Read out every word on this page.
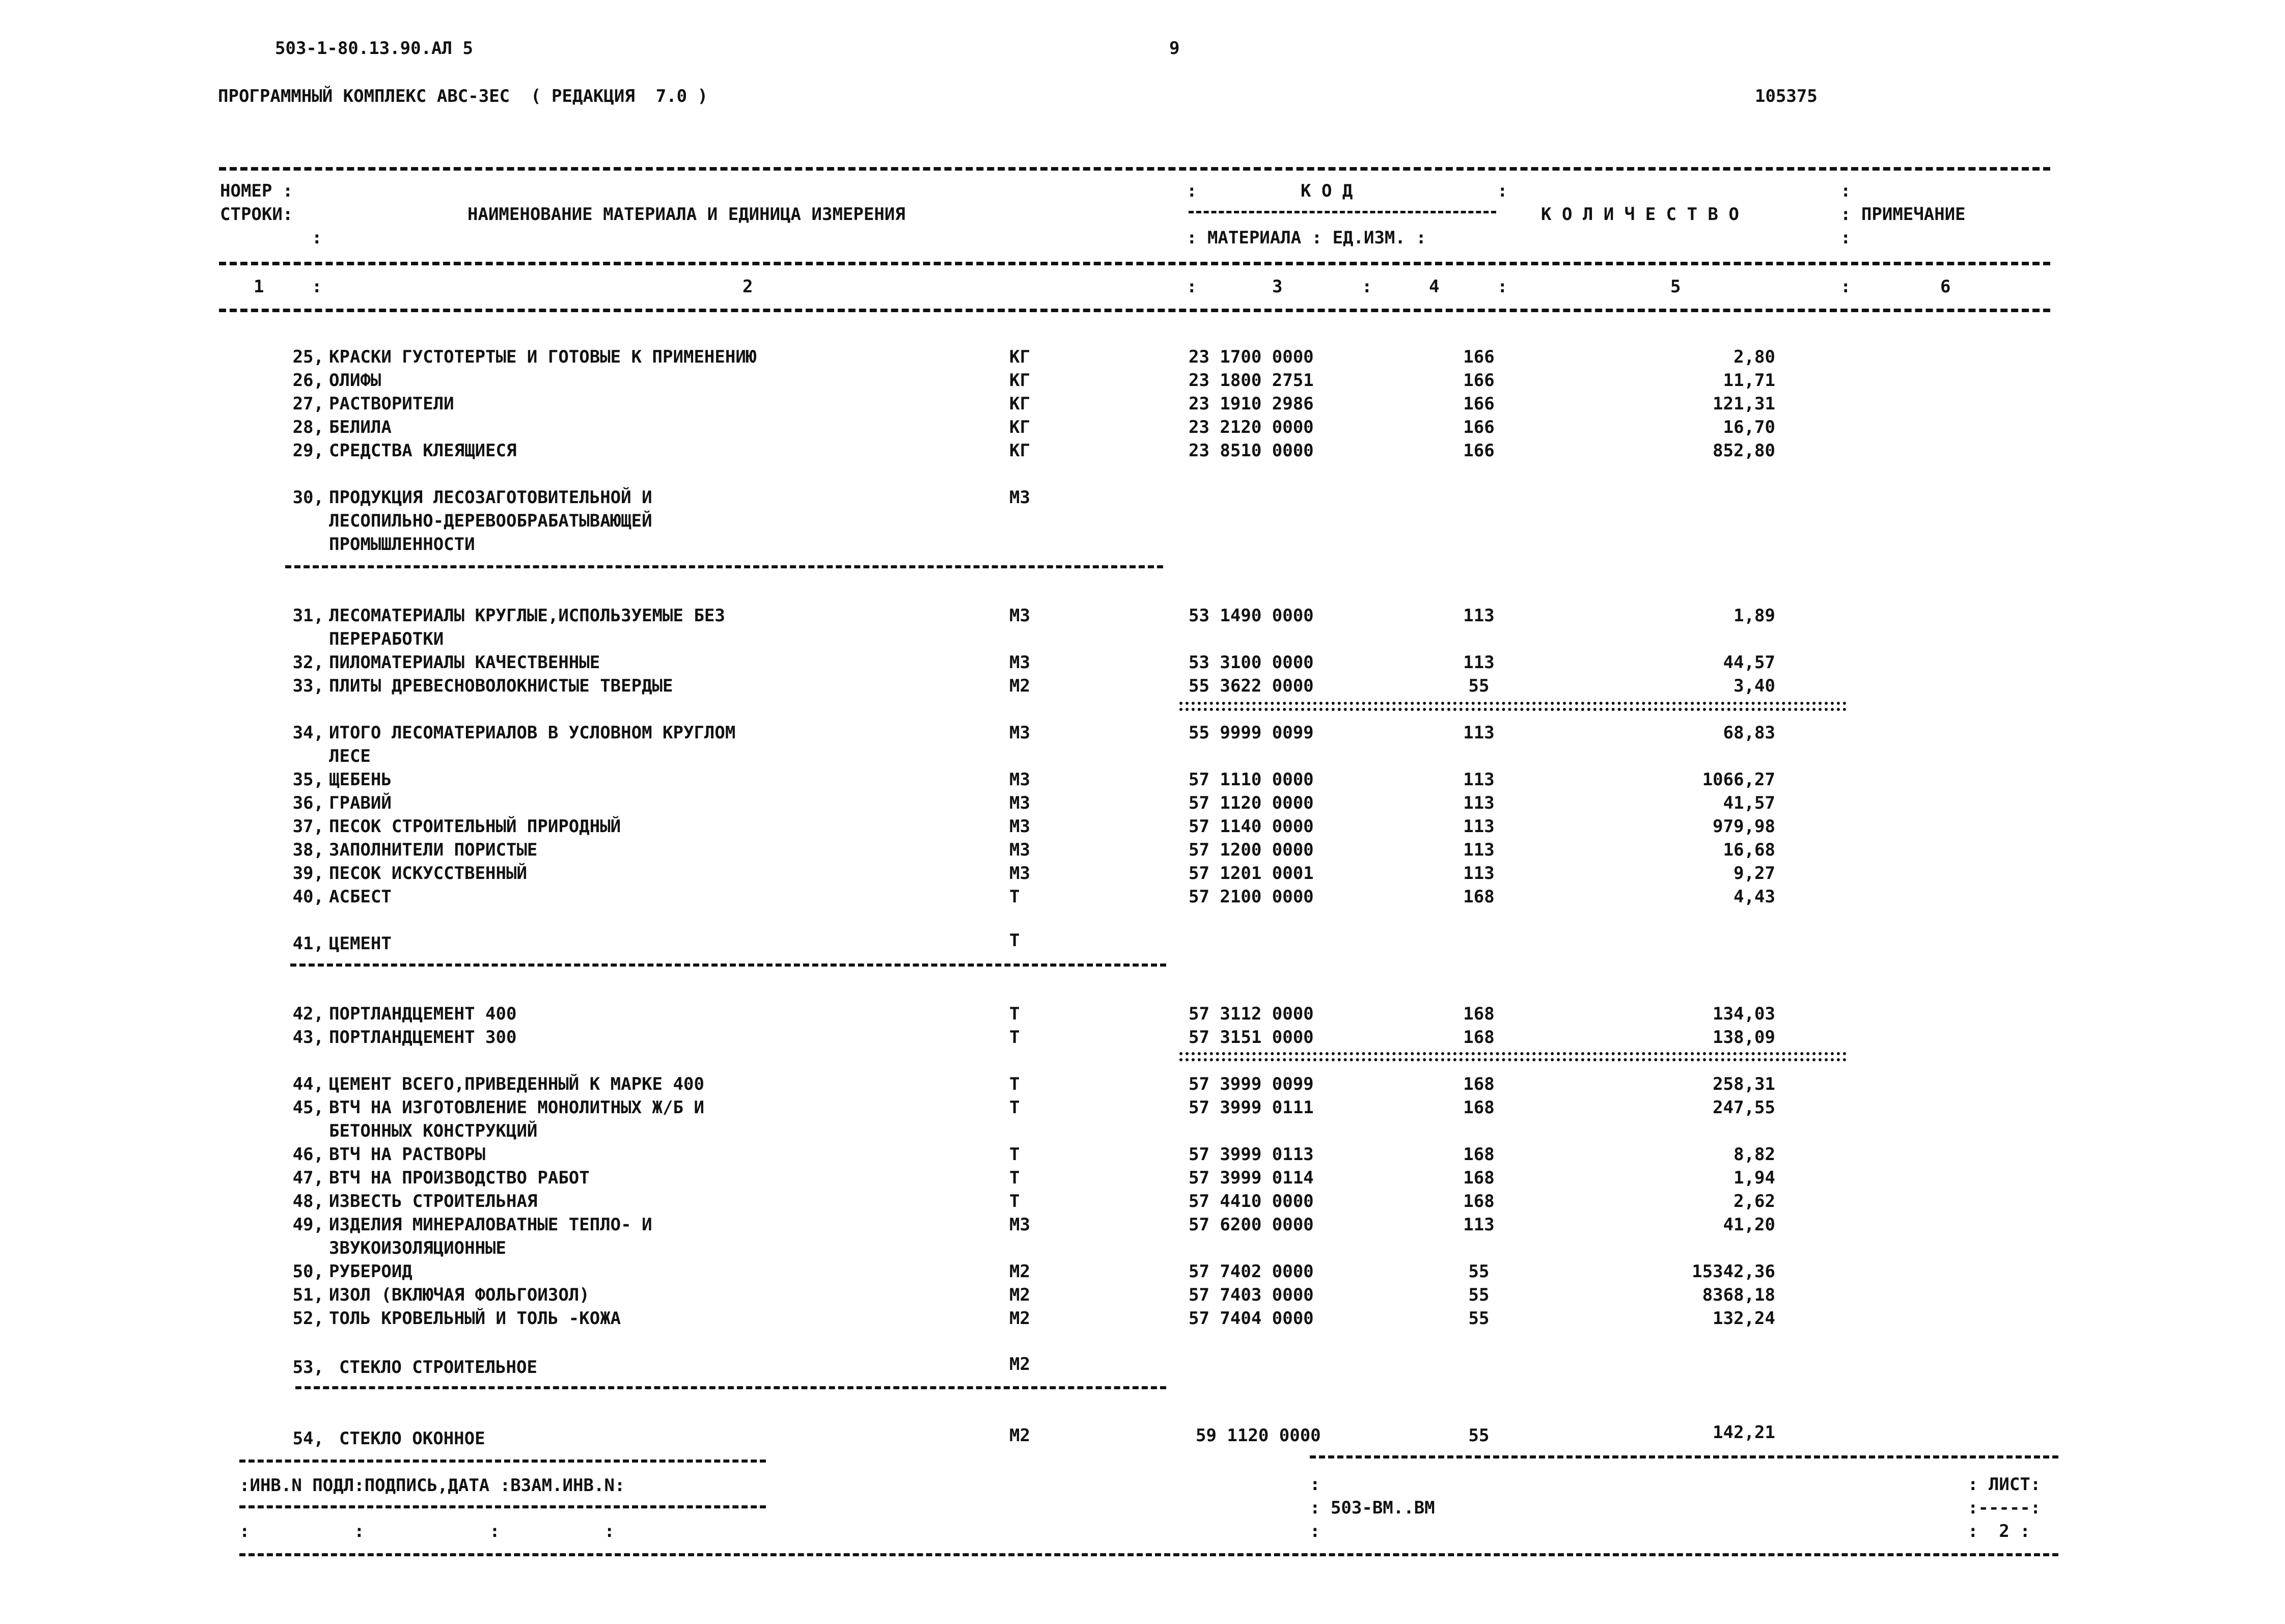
503-1-80.13.90.АЛ 5	9
ПРОГРАММНЫЙ КОМПЛЕКС АВС-3ЕС  ( РЕДАКЦИЯ  7.0 )	105375
НОМЕР :
СТРОКИ:
:
НАИМЕНОВАНИЕ МАТЕРИАЛА И ЕДИНИЦА ИЗМЕРЕНИЯ
:	К О Д	:
: МАТЕРИАЛА : ЕД.ИЗМ. :
К О Л И Ч Е С Т В О
:
: ПРИМЕЧАНИЕ
:
1	:	2	:	3	:	4	:	5	:	6
25, КРАСКИ ГУСТОТЕРТЫЕ И ГОТОВЫЕ К ПРИМЕНЕНИЮ	КГ	23 1700 0000	166	2,80
26, ОЛИФЫ	КГ	23 1800 2751	166	11,71
27, РАСТВОРИТЕЛИ	КГ	23 1910 2986	166	121,31
28, БЕЛИЛА	КГ	23 2120 0000	166	16,70
29, СРЕДСТВА КЛЕЯЩИЕСЯ	КГ	23 8510 0000	166	852,80
30, ПРОДУКЦИЯ ЛЕСОЗАГОТОВИТЕЛЬНОЙ И
ЛЕСОПИЛЬНО-ДЕРЕВООБРАБАТЫВАЮЩЕЙ
ПРОМЫШЛЕННОСТИ
М3
31, ЛЕСОМАТЕРИАЛЫ КРУГЛЫЕ,ИСПОЛЬЗУЕМЫЕ БЕЗ
ПЕРЕРАБОТКИ
М3	53 1490 0000	113	1,89
32, ПИЛОМАТЕРИАЛЫ КАЧЕСТВЕННЫЕ	М3	53 3100 0000	113	44,57
33, ПЛИТЫ ДРЕВЕСНОВОЛОКНИСТЫЕ ТВЕРДЫЕ	М2	55 3622 0000	55	3,40
34, ИТОГО ЛЕСОМАТЕРИАЛОВ В УСЛОВНОМ КРУГЛОМ
ЛЕСЕ
М3	55 9999 0099	113	68,83
35, ЩЕБЕНЬ	М3	57 1110 0000	113	1066,27
36, ГРАВИЙ	М3	57 1120 0000	113	41,57
37, ПЕСОК СТРОИТЕЛЬНЫЙ ПРИРОДНЫЙ	М3	57 1140 0000	113	979,98
38, ЗАПОЛНИТЕЛИ ПОРИСТЫЕ	М3	57 1200 0000	113	16,68
39, ПЕСОК ИСКУССТВЕННЫЙ	М3	57 1201 0001	113	9,27
40, АСБЕСТ	Т	57 2100 0000	168	4,43
41, ЦЕМЕНТ	Т
42, ПОРТЛАНДЦЕМЕНТ 400	Т	57 3112 0000	168	134,03
43, ПОРТЛАНДЦЕМЕНТ 300	Т	57 3151 0000	168	138,09
44, ЦЕМЕНТ ВСЕГО,ПРИВЕДЕННЫЙ К МАРКЕ 400	Т	57 3999 0099	168	258,31
45, ВТЧ НА ИЗГОТОВЛЕНИЕ МОНОЛИТНЫХ Ж/Б И
БЕТОННЫХ КОНСТРУКЦИЙ
Т	57 3999 0111	168	247,55
46, ВТЧ НА РАСТВОРЫ	Т	57 3999 0113	168	8,82
47, ВТЧ НА ПРОИЗВОДСТВО РАБОТ	Т	57 3999 0114	168	1,94
48, ИЗВЕСТЬ СТРОИТЕЛЬНАЯ	Т	57 4410 0000	168	2,62
49, ИЗДЕЛИЯ МИНЕРАЛОВАТНЫЕ ТЕПЛО- И
ЗВУКОИЗОЛЯЦИОННЫЕ
М3	57 6200 0000	113	41,20
50, РУБЕРОИД	М2	57 7402 0000	55	15342,36
51, ИЗОЛ (ВКЛЮЧАЯ ФОЛЬГОИЗОЛ)	М2	57 7403 0000	55	8368,18
52, ТОЛЬ КРОВЕЛЬНЫЙ И ТОЛЬ -КОЖА	М2	57 7404 0000	55	132,24
53, СТЕКЛО СТРОИТЕЛЬНОЕ	М2
54, СТЕКЛО ОКОННОЕ	М2	59 1120 0000	55	142,21
:ИНВ.N ПОДЛ:ПОДПИСЬ,ДАТА :ВЗАМ.ИНВ.N:
:          :            :          :
:
: 503-ВМ..ВМ
:
: ЛИСТ:
:-----:
:  2 :
